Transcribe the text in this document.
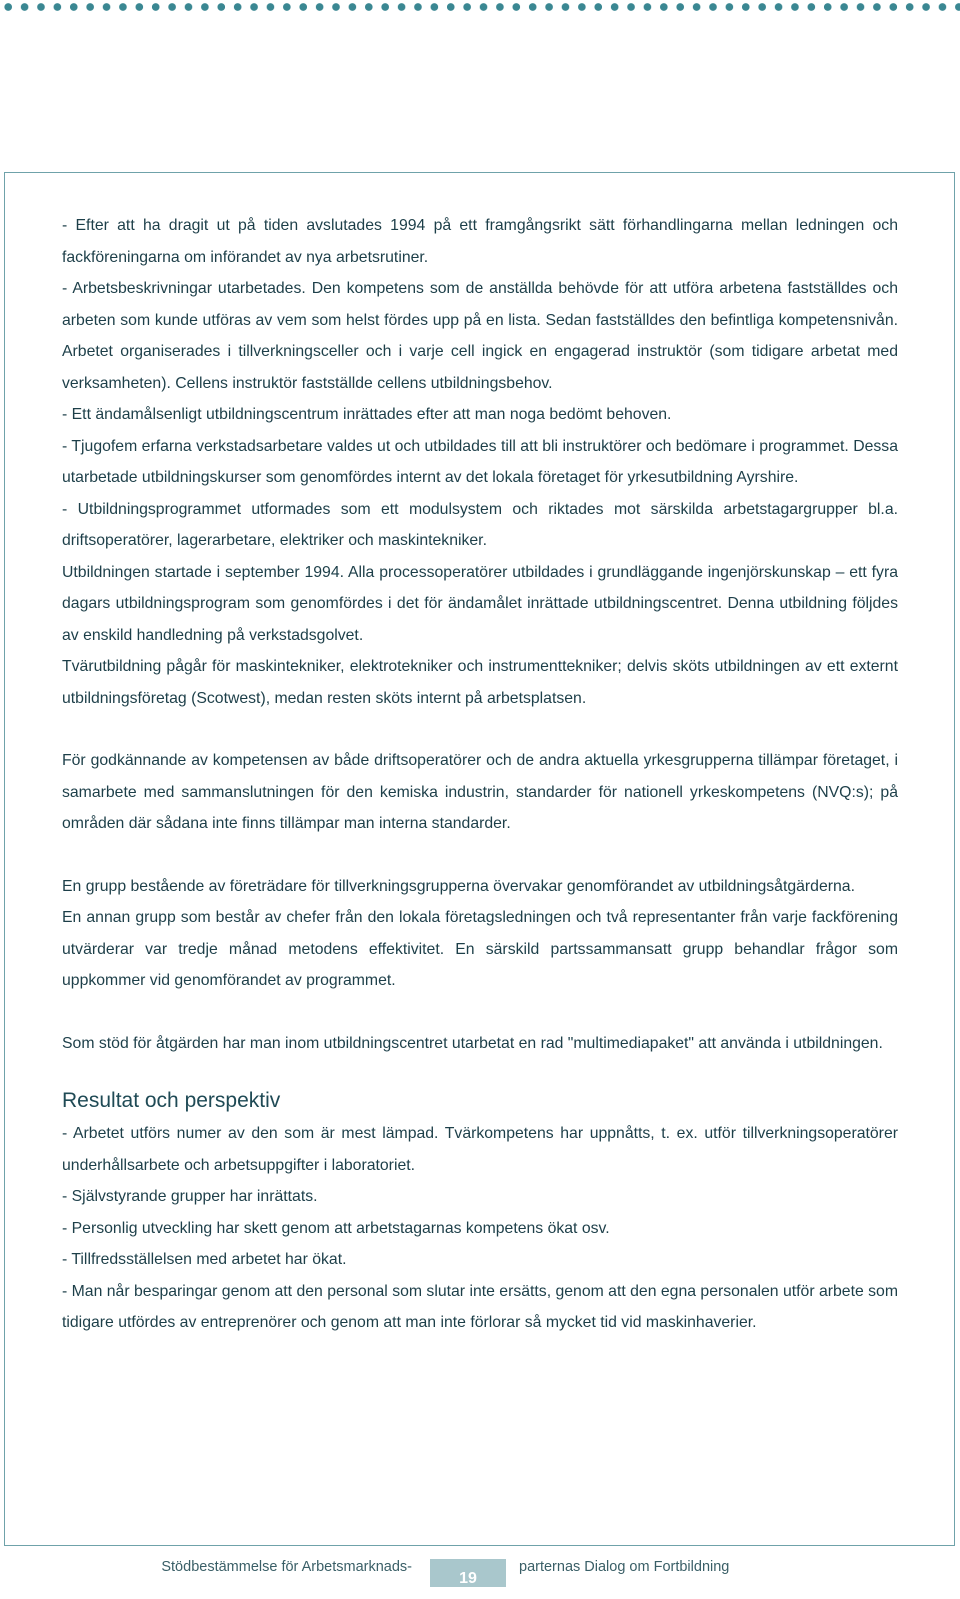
- Efter att ha dragit ut på tiden avslutades 1994 på ett framgångsrikt sätt förhandlingarna mellan ledningen och fackföreningarna om införandet av nya arbetsrutiner.

- Arbetsbeskrivningar utarbetades. Den kompetens som de anställda behövde för att utföra arbetena fastställdes och arbeten som kunde utföras av vem som helst fördes upp på en lista. Sedan fastställdes den befintliga kompetensnivån. Arbetet organiserades i tillverkningsceller och i varje cell ingick en engagerad instruktör (som tidigare arbetat med verksamheten). Cellens instruktör fastställde cellens utbildningsbehov.

- Ett ändamålsenligt utbildningscentrum inrättades efter att man noga bedömt behoven.

- Tjugofem erfarna verkstadsarbetare valdes ut och utbildades till att bli instruktörer och bedömare i programmet. Dessa utarbetade utbildningskurser som genomfördes internt av det lokala företaget för yrkesutbildning Ayrshire.

- Utbildningsprogrammet utformades som ett modulsystem och riktades mot särskilda arbetstagargrupper bl.a. driftsoperatörer, lagerarbetare, elektriker och maskintekniker.

Utbildningen startade i september 1994. Alla processoperatörer utbildades i grundläggande ingenjörskunskap – ett fyra dagars utbildningsprogram som genomfördes i det för ändamålet inrättade utbildningscentret. Denna utbildning följdes av enskild handledning på verkstadsgolvet.

Tvärutbildning pågår för maskintekniker, elektrotekniker och instrumenttekniker; delvis sköts utbildningen av ett externt utbildningsföretag (Scotwest), medan resten sköts internt på arbetsplatsen.

För godkännande av kompetensen av både driftsoperatörer och de andra aktuella yrkesgrupperna tillämpar företaget, i samarbete med sammanslutningen för den kemiska industrin, standarder för nationell yrkeskompetens (NVQ:s); på områden där sådana inte finns tillämpar man interna standarder.

En grupp bestående av företrädare för tillverkningsgrupperna övervakar genomförandet av utbildningsåtgärderna.

En annan grupp som består av chefer från den lokala företagsledningen och två representanter från varje fackförening utvärderar var tredje månad metodens effektivitet. En särskild partssammansatt grupp behandlar frågor som uppkommer vid genomförandet av programmet.

Som stöd för åtgärden har man inom utbildningscentret utarbetat en rad "multimediapaket" att använda i utbildningen.

Resultat och perspektiv

- Arbetet utförs numer av den som är mest lämpad. Tvärkompetens har uppnåtts, t. ex. utför tillverkningsoperatörer underhållsarbete och arbetsuppgifter i laboratoriet.

- Självstyrande grupper har inrättats.

- Personlig utveckling har skett genom att arbetstagarnas kompetens ökat osv.

- Tillfredsställelsen med arbetet har ökat.

- Man når besparingar genom att den personal som slutar inte ersätts, genom att den egna personalen utför arbete som tidigare utfördes av entreprenörer och genom att man inte förlorar så mycket tid vid maskinhaverier.

Stödbestämmelse för Arbetsmarknads-
19
parternas Dialog om Fortbildning
